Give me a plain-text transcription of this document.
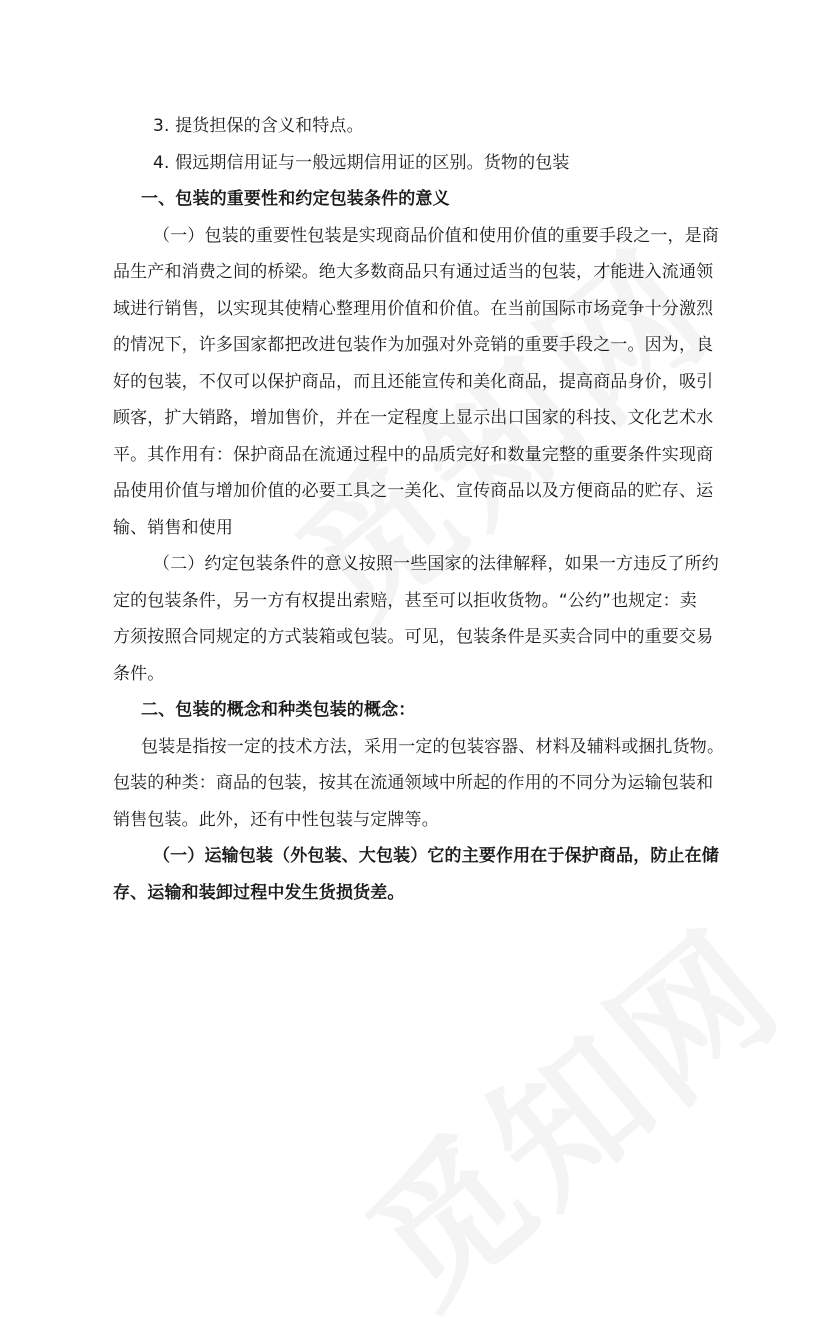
3. 提货担保的含义和特点。
4. 假远期信用证与一般远期信用证的区别。货物的包装
一、包装的重要性和约定包装条件的意义
（一）包装的重要性包装是实现商品价值和使用价值的重要手段之一，是商
品生产和消费之间的桥梁。绝大多数商品只有通过适当的包装，才能进入流通领
域进行销售，以实现其使精心整理用价值和价值。在当前国际市场竞争十分激烈
的情况下，许多国家都把改进包装作为加强对外竞销的重要手段之一。因为，良
好的包装，不仅可以保护商品，而且还能宣传和美化商品，提高商品身价，吸引
顾客，扩大销路，增加售价，并在一定程度上显示出口国家的科技、文化艺术水
平。其作用有：保护商品在流通过程中的品质完好和数量完整的重要条件实现商
品使用价值与增加价值的必要工具之一美化、宣传商品以及方便商品的贮存、运
输、销售和使用
（二）约定包装条件的意义按照一些国家的法律解释，如果一方违反了所约
定的包装条件，另一方有权提出索赔，甚至可以拒收货物。“公约”也规定：卖
方须按照合同规定的方式装箱或包装。可见，包装条件是买卖合同中的重要交易
条件。
二、包装的概念和种类包装的概念：
包装是指按一定的技术方法，采用一定的包装容器、材料及辅料或捆扎货物。
包装的种类：商品的包装，按其在流通领域中所起的作用的不同分为运输包装和
销售包装。此外，还有中性包装与定牌等。
（一）运输包装（外包装、大包装）它的主要作用在于保护商品，防止在储
存、运输和装卸过程中发生货损货差。
